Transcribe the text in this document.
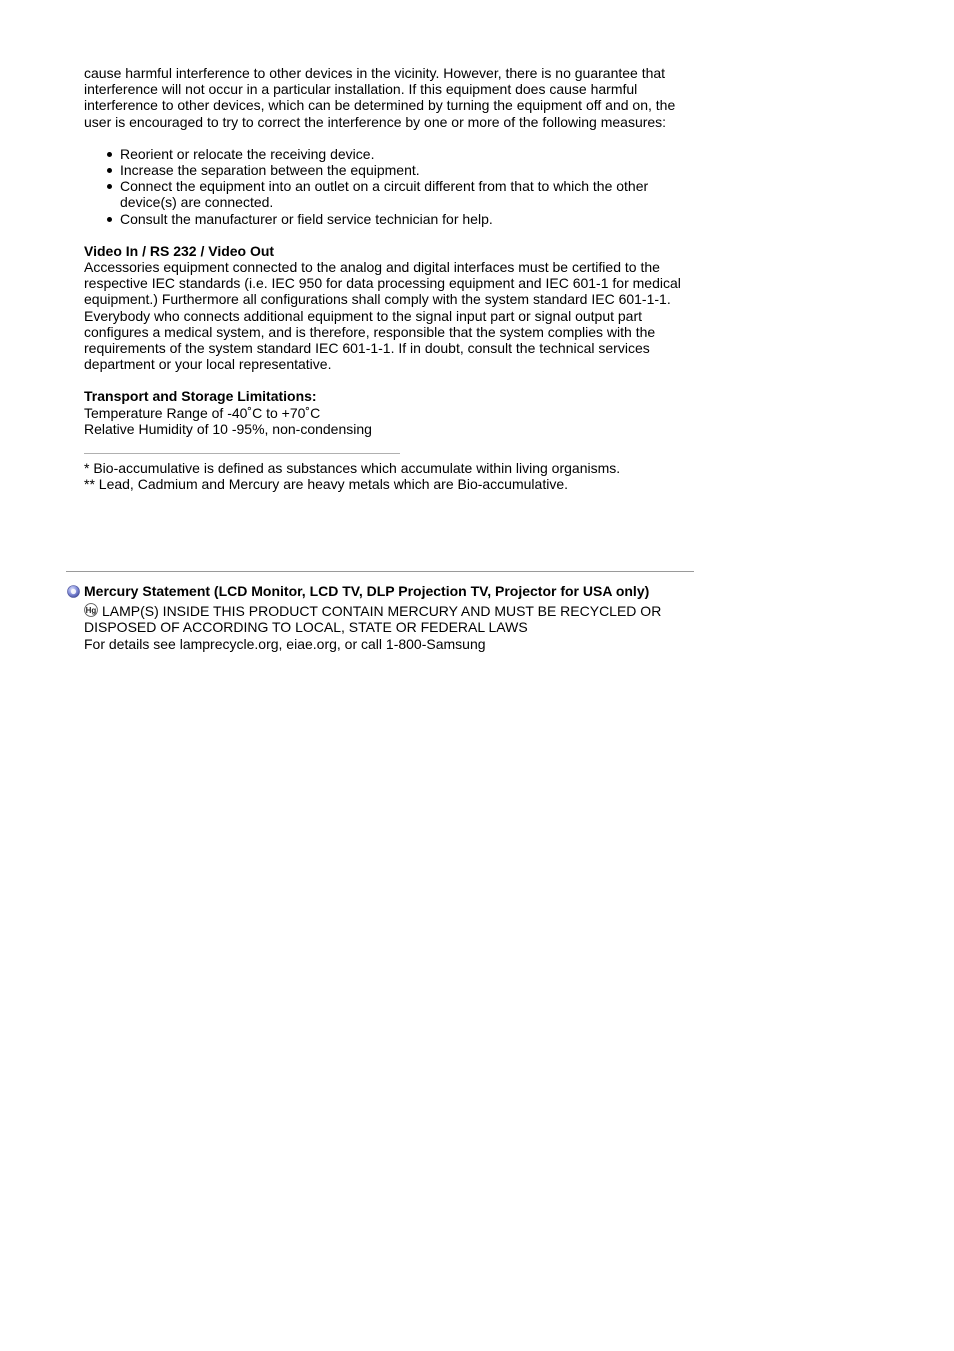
cause harmful interference to other devices in the vicinity. However, there is no guarantee that interference will not occur in a particular installation. If this equipment does cause harmful interference to other devices, which can be determined by turning the equipment off and on, the user is encouraged to try to correct the interference by one or more of the following measures:

Reorient or relocate the receiving device.
Increase the separation between the equipment.
Connect the equipment into an outlet on a circuit different from that to which the other device(s) are connected.
Consult the manufacturer or field service technician for help.

Video In / RS 232 / Video Out

Accessories equipment connected to the analog and digital interfaces must be certified to the respective IEC standards (i.e. IEC 950 for data processing equipment and IEC 601-1 for medical equipment.) Furthermore all configurations shall comply with the system standard IEC 601-1-1. Everybody who connects additional equipment to the signal input part or signal output part configures a medical system, and is therefore, responsible that the system complies with the requirements of the system standard IEC 601-1-1. If in doubt, consult the technical services department or your local representative.

Transport and Storage Limitations:

Temperature Range of -40˚C to +70˚C

Relative Humidity of 10 -95%, non-condensing

* Bio-accumulative is defined as substances which accumulate within living organisms.

** Lead, Cadmium and Mercury are heavy metals which are Bio-accumulative.

Mercury Statement (LCD Monitor, LCD TV, DLP Projection TV, Projector for USA only)

Hg LAMP(S) INSIDE THIS PRODUCT CONTAIN MERCURY AND MUST BE RECYCLED OR DISPOSED OF ACCORDING TO LOCAL, STATE OR FEDERAL LAWS

For details see lamprecycle.org, eiae.org, or call 1-800-Samsung
